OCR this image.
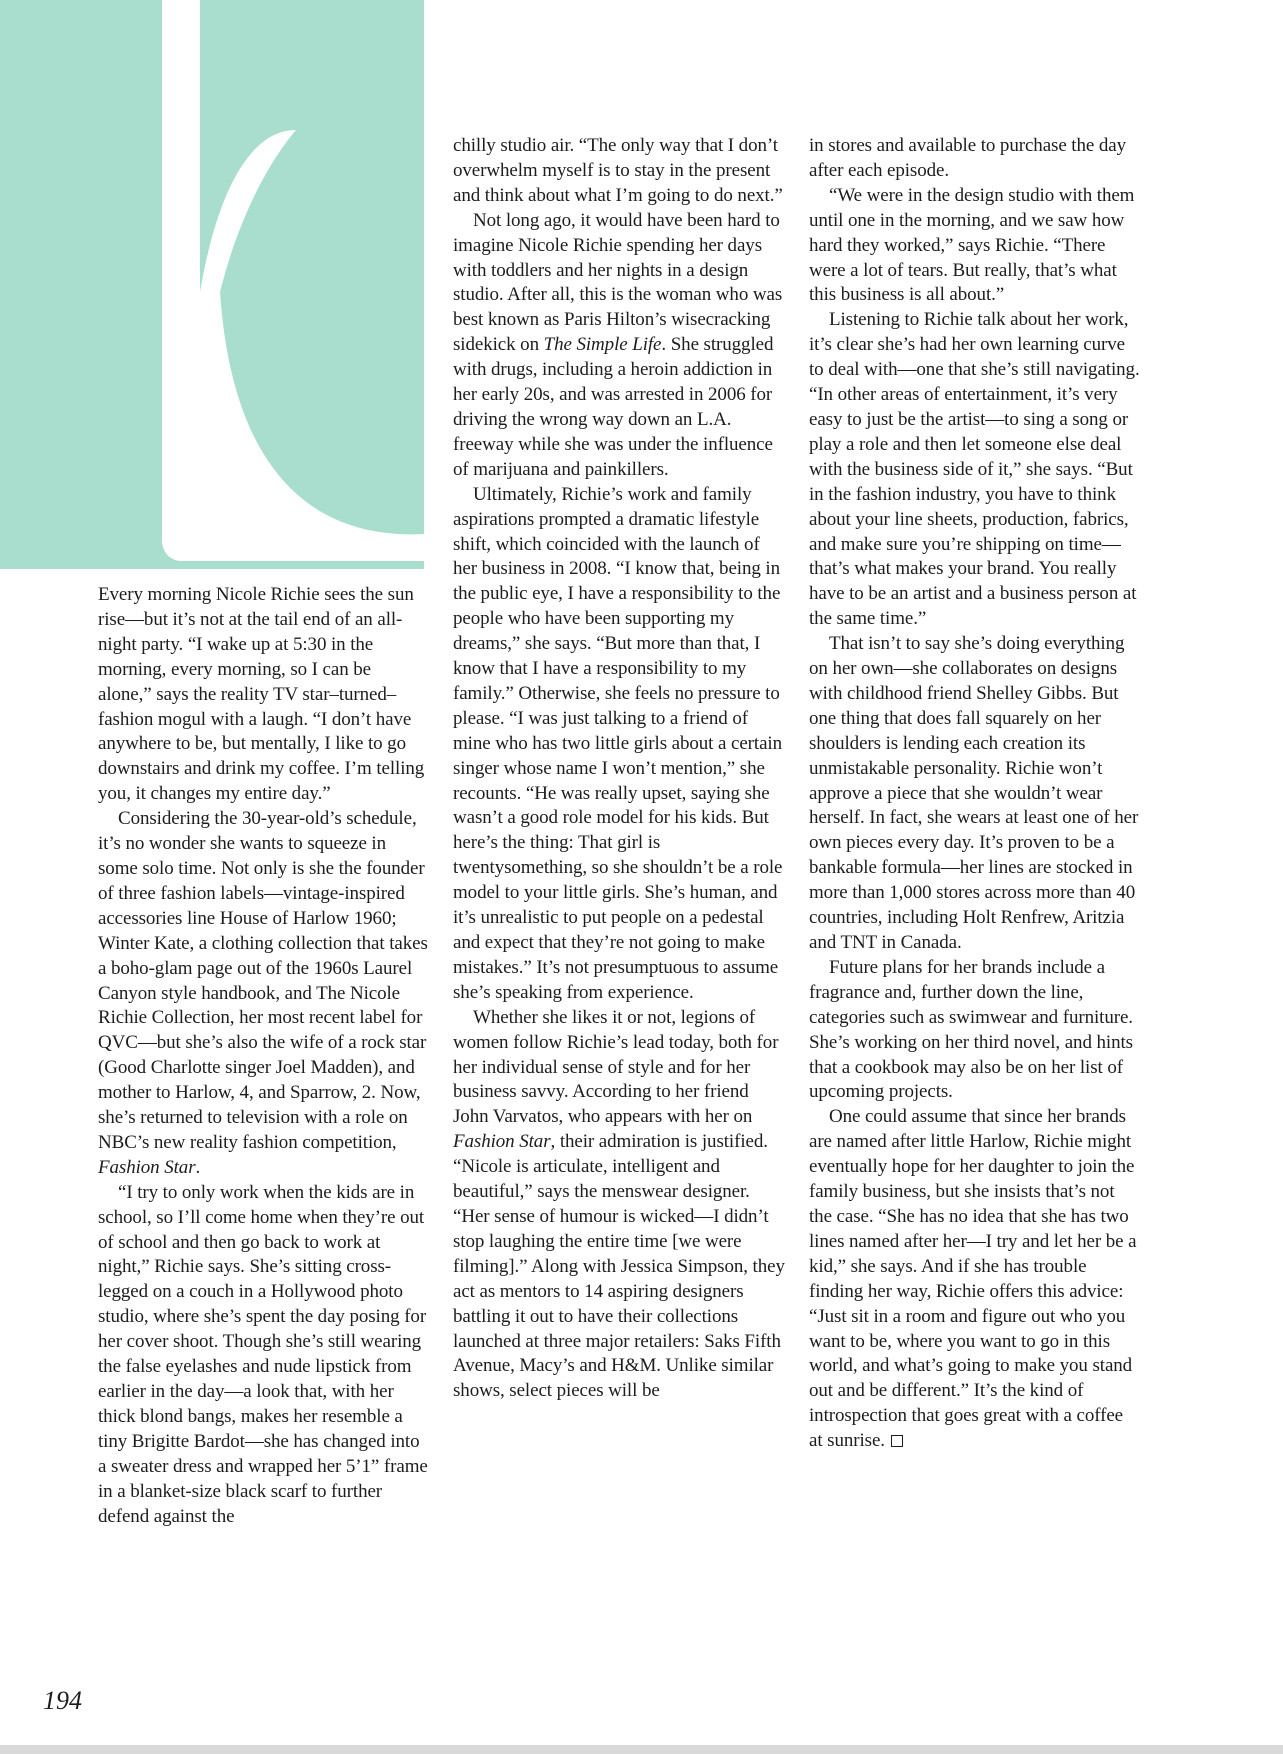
Every morning Nicole Richie sees the sun rise—but it’s not at the tail end of an all-night party. “I wake up at 5:30 in the morning, every morning, so I can be alone,” says the reality TV star–turned–fashion mogul with a laugh. “I don’t have anywhere to be, but mentally, I like to go downstairs and drink my coffee. I’m telling you, it changes my entire day.”

Considering the 30-year-old’s schedule, it’s no wonder she wants to squeeze in some solo time. Not only is she the founder of three fashion labels—vintage-inspired accessories line House of Harlow 1960; Winter Kate, a clothing collection that takes a boho-glam page out of the 1960s Laurel Canyon style handbook, and The Nicole Richie Collection, her most recent label for QVC—but she’s also the wife of a rock star (Good Charlotte singer Joel Madden), and mother to Harlow, 4, and Sparrow, 2. Now, she’s returned to television with a role on NBC’s new reality fashion competition, Fashion Star.

“I try to only work when the kids are in school, so I’ll come home when they’re out of school and then go back to work at night,” Richie says. She’s sitting cross-legged on a couch in a Hollywood photo studio, where she’s spent the day posing for her cover shoot. Though she’s still wearing the false eyelashes and nude lipstick from earlier in the day—a look that, with her thick blond bangs, makes her resemble a tiny Brigitte Bardot—she has changed into a sweater dress and wrapped her 5’1” frame in a blanket-size black scarf to further defend against the

chilly studio air. “The only way that I don’t overwhelm myself is to stay in the present and think about what I’m going to do next.”

Not long ago, it would have been hard to imagine Nicole Richie spending her days with toddlers and her nights in a design studio. After all, this is the woman who was best known as Paris Hilton’s wisecracking sidekick on The Simple Life. She struggled with drugs, including a heroin addiction in her early 20s, and was arrested in 2006 for driving the wrong way down an L.A. freeway while she was under the influence of marijuana and painkillers.

Ultimately, Richie’s work and family aspirations prompted a dramatic lifestyle shift, which coincided with the launch of her business in 2008. “I know that, being in the public eye, I have a responsibility to the people who have been supporting my dreams,” she says. “But more than that, I know that I have a responsibility to my family.” Otherwise, she feels no pressure to please. “I was just talking to a friend of mine who has two little girls about a certain singer whose name I won’t mention,” she recounts. “He was really upset, saying she wasn’t a good role model for his kids. But here’s the thing: That girl is twentysomething, so she shouldn’t be a role model to your little girls. She’s human, and it’s unrealistic to put people on a pedestal and expect that they’re not going to make mistakes.” It’s not presumptuous to assume she’s speaking from experience.

Whether she likes it or not, legions of women follow Richie’s lead today, both for her individual sense of style and for her business savvy. According to her friend John Varvatos, who appears with her on Fashion Star, their admiration is justified. “Nicole is articulate, intelligent and beautiful,” says the menswear designer. “Her sense of humour is wicked—I didn’t stop laughing the entire time [we were filming].” Along with Jessica Simpson, they act as mentors to 14 aspiring designers battling it out to have their collections launched at three major retailers: Saks Fifth Avenue, Macy’s and H&M. Unlike similar shows, select pieces will be

in stores and available to purchase the day after each episode.

“We were in the design studio with them until one in the morning, and we saw how hard they worked,” says Richie. “There were a lot of tears. But really, that’s what this business is all about.”

Listening to Richie talk about her work, it’s clear she’s had her own learning curve to deal with—one that she’s still navigating. “In other areas of entertainment, it’s very easy to just be the artist—to sing a song or play a role and then let someone else deal with the business side of it,” she says. “But in the fashion industry, you have to think about your line sheets, production, fabrics, and make sure you’re shipping on time—that’s what makes your brand. You really have to be an artist and a business person at the same time.”

That isn’t to say she’s doing everything on her own—she collaborates on designs with childhood friend Shelley Gibbs. But one thing that does fall squarely on her shoulders is lending each creation its unmistakable personality. Richie won’t approve a piece that she wouldn’t wear herself. In fact, she wears at least one of her own pieces every day. It’s proven to be a bankable formula—her lines are stocked in more than 1,000 stores across more than 40 countries, including Holt Renfrew, Aritzia and TNT in Canada.

Future plans for her brands include a fragrance and, further down the line, categories such as swimwear and furniture. She’s working on her third novel, and hints that a cookbook may also be on her list of upcoming projects.

One could assume that since her brands are named after little Harlow, Richie might eventually hope for her daughter to join the family business, but she insists that’s not the case. “She has no idea that she has two lines named after her—I try and let her be a kid,” she says. And if she has trouble finding her way, Richie offers this advice: “Just sit in a room and figure out who you want to be, where you want to go in this world, and what’s going to make you stand out and be different.” It’s the kind of introspection that goes great with a coffee at sunrise.

194
